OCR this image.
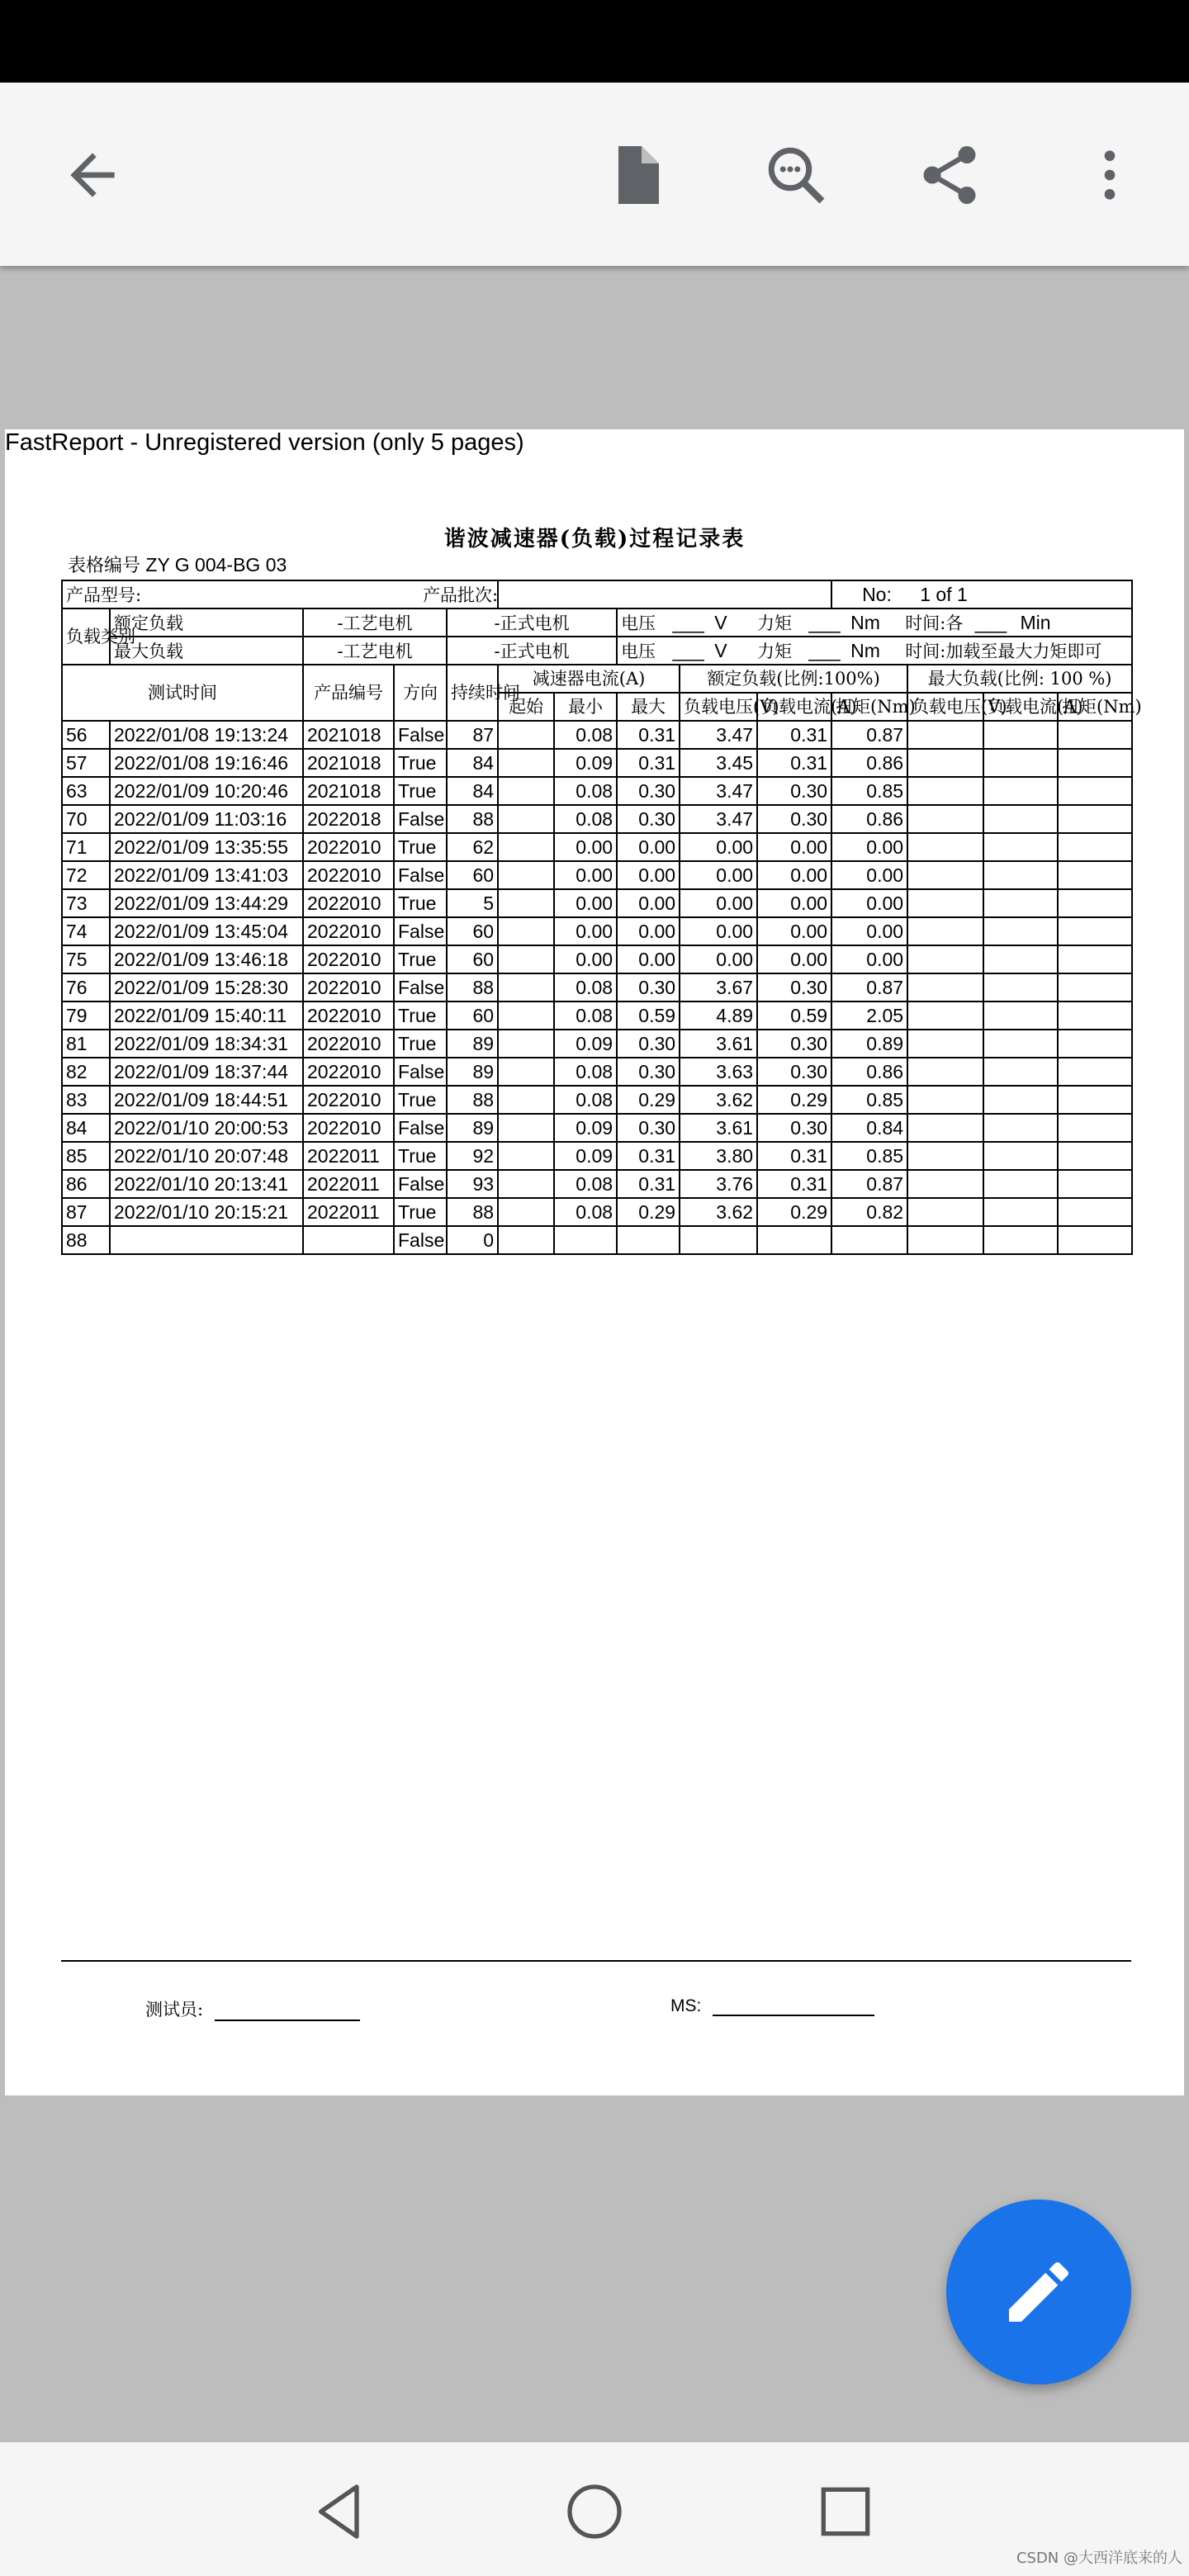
FastReport - Unregistered version (only 5 pages)
谐波减速器(负载)过程记录表
表格编号 ZY G 004-BG 03
产品型号:					产品批次:					No: 1 of 1			
负载类别	额定负载	-工艺电机		-正式电机			电压 ___ V 力矩 ___ Nm 时间:各 ___ Min						
	最大负载	-工艺电机		-正式电机			电压 ___ V 力矩 ___ Nm 时间:加载至最大力矩即可						
测试时间		产品编号	方向	持续时间	减速器电流(A)			额定负载(比例:100%)			最大负载(比例: 100 %)		
					起始	最小	最大	负载电压(V)	负载电流(A)	扭矩(Nm)	负载电压(V)	负载电流(A)	扭矩(Nm)
56	2022/01/08 19:13:24	2021018	False	87		0.08	0.31	3.47	0.31	0.87			
57	2022/01/08 19:16:46	2021018	True	84		0.09	0.31	3.45	0.31	0.86			
63	2022/01/09 10:20:46	2021018	True	84		0.08	0.30	3.47	0.30	0.85			
70	2022/01/09 11:03:16	2022018	False	88		0.08	0.30	3.47	0.30	0.86			
71	2022/01/09 13:35:55	2022010	True	62		0.00	0.00	0.00	0.00	0.00			
72	2022/01/09 13:41:03	2022010	False	60		0.00	0.00	0.00	0.00	0.00			
73	2022/01/09 13:44:29	2022010	True	5		0.00	0.00	0.00	0.00	0.00			
74	2022/01/09 13:45:04	2022010	False	60		0.00	0.00	0.00	0.00	0.00			
75	2022/01/09 13:46:18	2022010	True	60		0.00	0.00	0.00	0.00	0.00			
76	2022/01/09 15:28:30	2022010	False	88		0.08	0.30	3.67	0.30	0.87			
79	2022/01/09 15:40:11	2022010	True	60		0.08	0.59	4.89	0.59	2.05			
81	2022/01/09 18:34:31	2022010	True	89		0.09	0.30	3.61	0.30	0.89			
82	2022/01/09 18:37:44	2022010	False	89		0.08	0.30	3.63	0.30	0.86			
83	2022/01/09 18:44:51	2022010	True	88		0.08	0.29	3.62	0.29	0.85			
84	2022/01/10 20:00:53	2022010	False	89		0.09	0.30	3.61	0.30	0.84			
85	2022/01/10 20:07:48	2022011	True	92		0.09	0.31	3.80	0.31	0.85			
86	2022/01/10 20:13:41	2022011	False	93		0.08	0.31	3.76	0.31	0.87			
87	2022/01/10 20:15:21	2022011	True	88		0.08	0.29	3.62	0.29	0.82			
88			False	0									
测试员:	MS:
CSDN @大西洋底来的人
